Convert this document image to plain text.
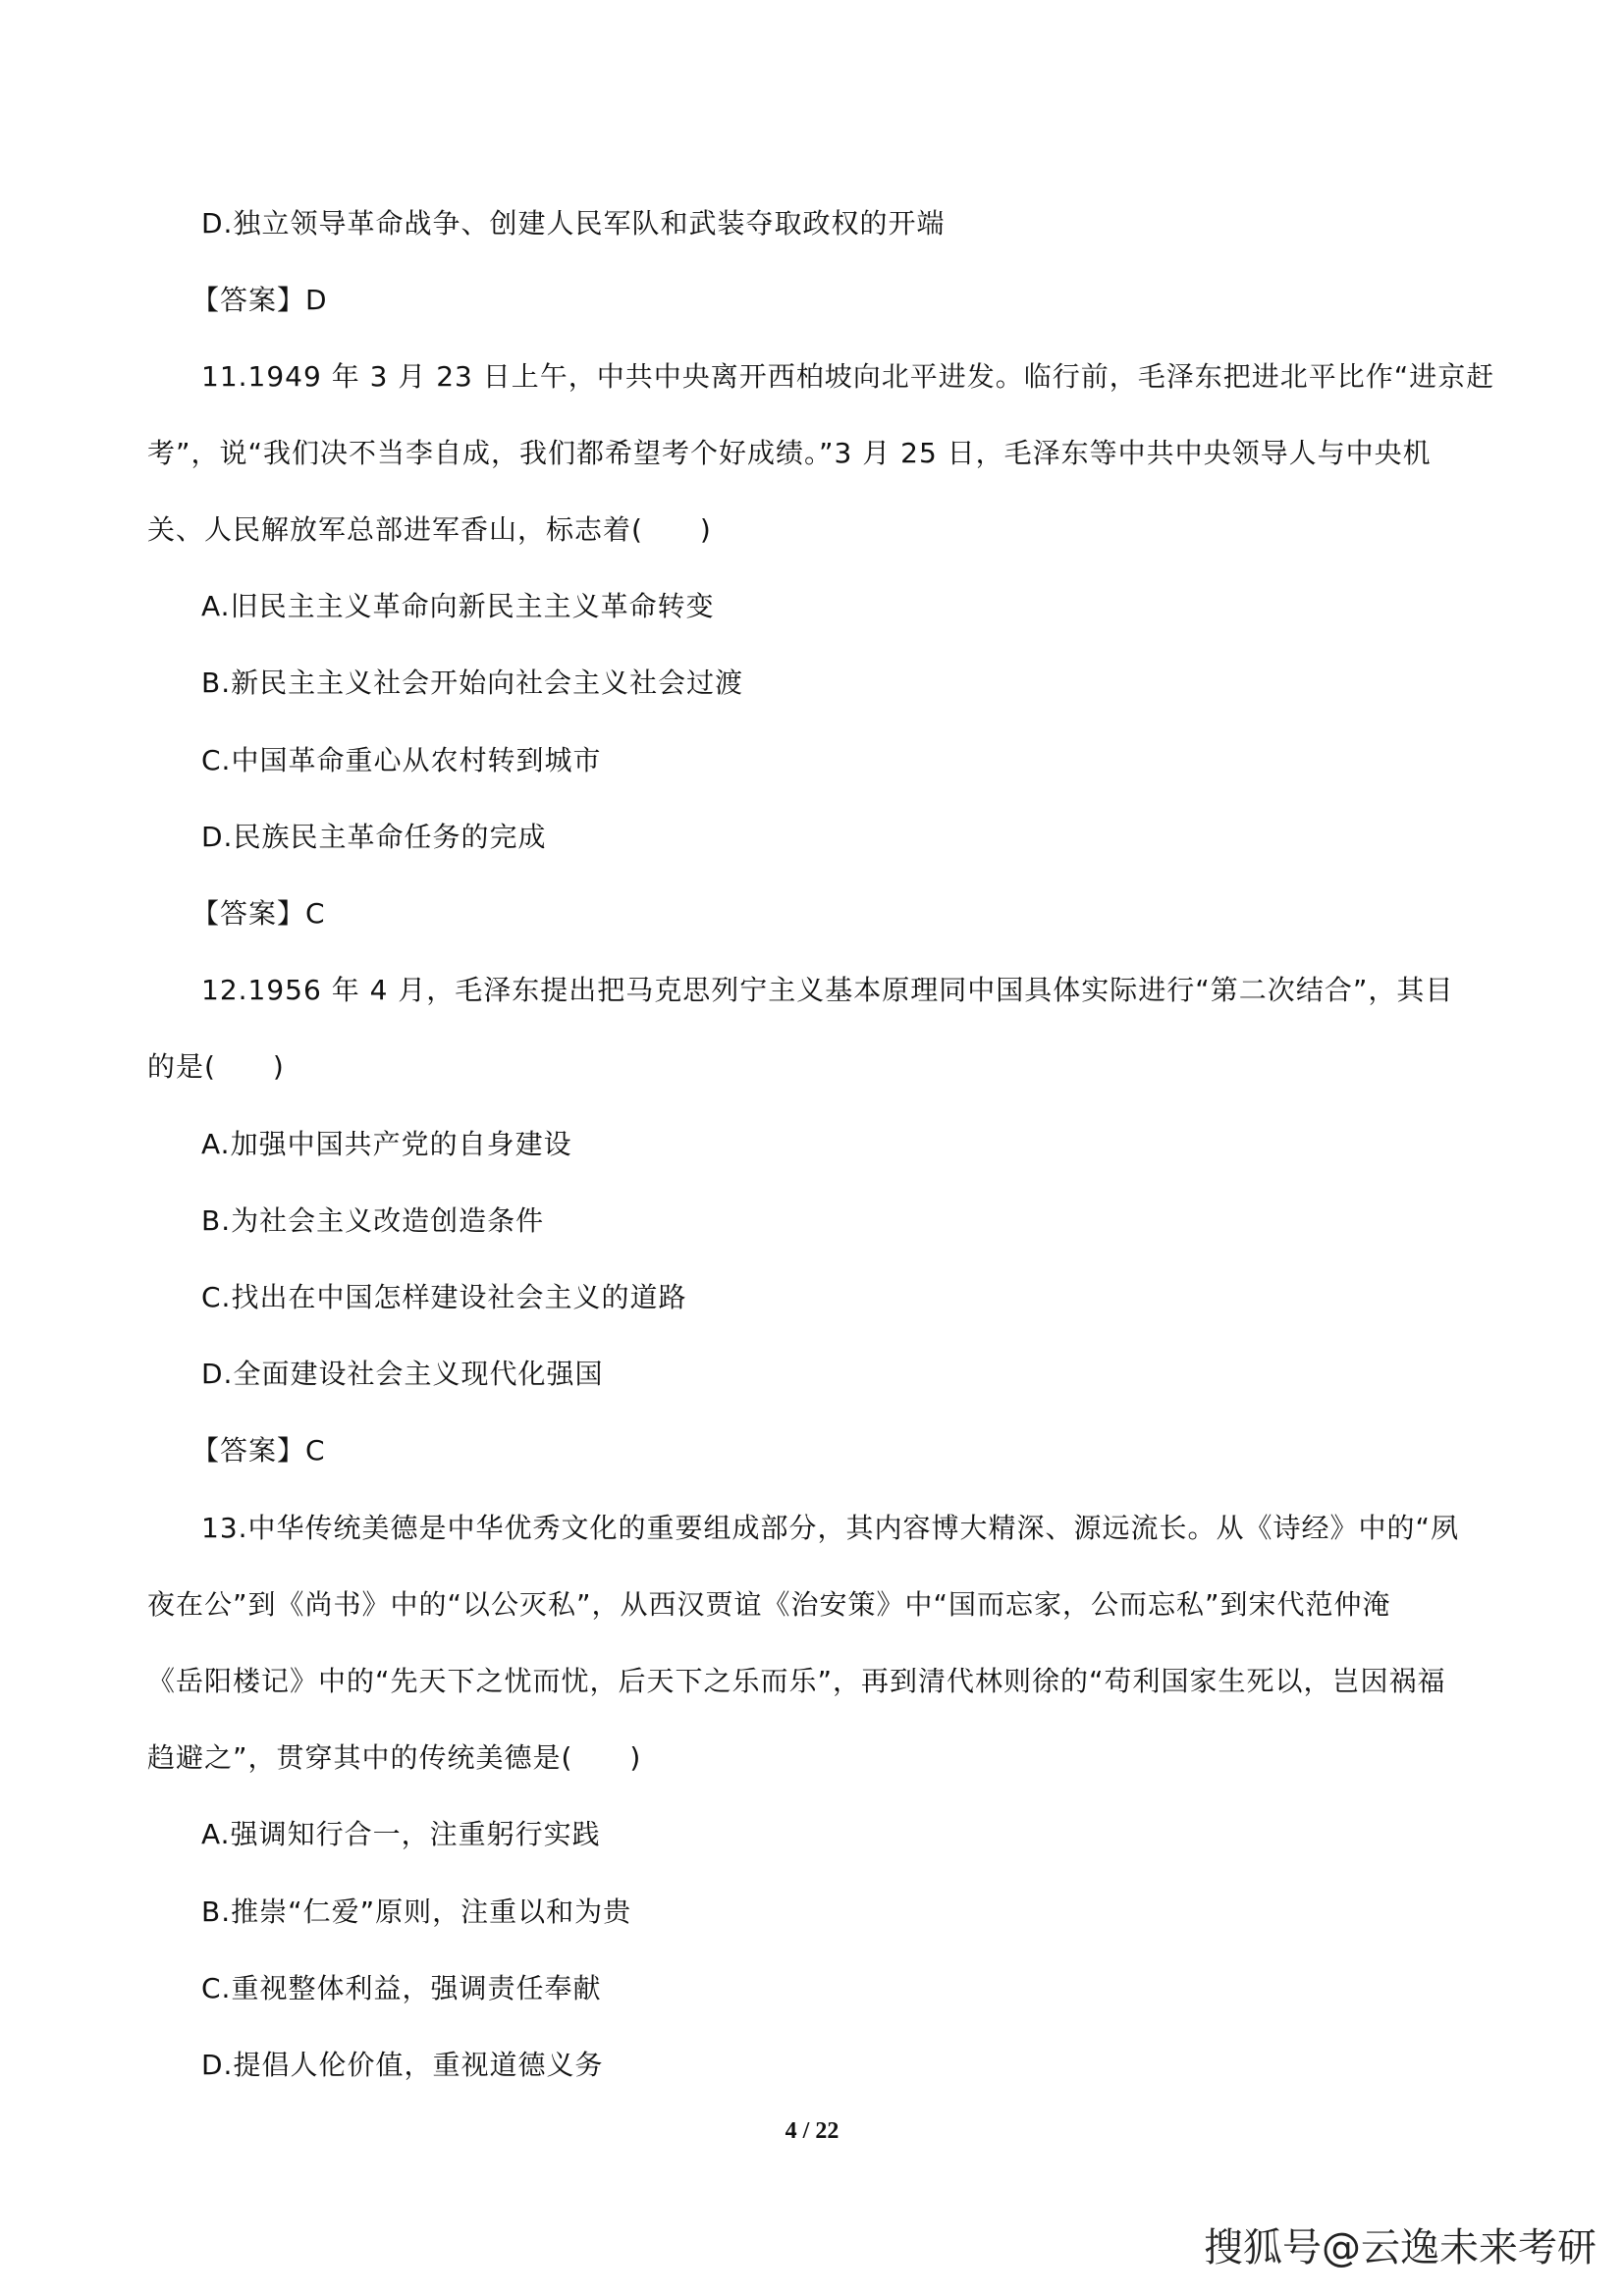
D.独立领导革命战争、创建人民军队和武装夺取政权的开端
【答案】D
11.1949 年 3 月 23 日上午，中共中央离开西柏坡向北平进发。临行前，毛泽东把进北平比作“进京赶
考”，说“我们决不当李自成，我们都希望考个好成绩。”3 月 25 日，毛泽东等中共中央领导人与中央机
关、人民解放军总部进军香山，标志着(　　)
A.旧民主主义革命向新民主主义革命转变
B.新民主主义社会开始向社会主义社会过渡
C.中国革命重心从农村转到城市
D.民族民主革命任务的完成
【答案】C
12.1956 年 4 月，毛泽东提出把马克思列宁主义基本原理同中国具体实际进行“第二次结合”，其目
的是(　　)
A.加强中国共产党的自身建设
B.为社会主义改造创造条件
C.找出在中国怎样建设社会主义的道路
D.全面建设社会主义现代化强国
【答案】C
13.中华传统美德是中华优秀文化的重要组成部分，其内容博大精深、源远流长。从《诗经》中的“夙
夜在公”到《尚书》中的“以公灭私”，从西汉贾谊《治安策》中“国而忘家，公而忘私”到宋代范仲淹
《岳阳楼记》中的“先天下之忧而忧，后天下之乐而乐”，再到清代林则徐的“苟利国家生死以，岂因祸福
趋避之”，贯穿其中的传统美德是(　　)
A.强调知行合一，注重躬行实践
B.推崇“仁爱”原则，注重以和为贵
C.重视整体利益，强调责任奉献
D.提倡人伦价值，重视道德义务
4 / 22
搜狐号@云逸未来考研
